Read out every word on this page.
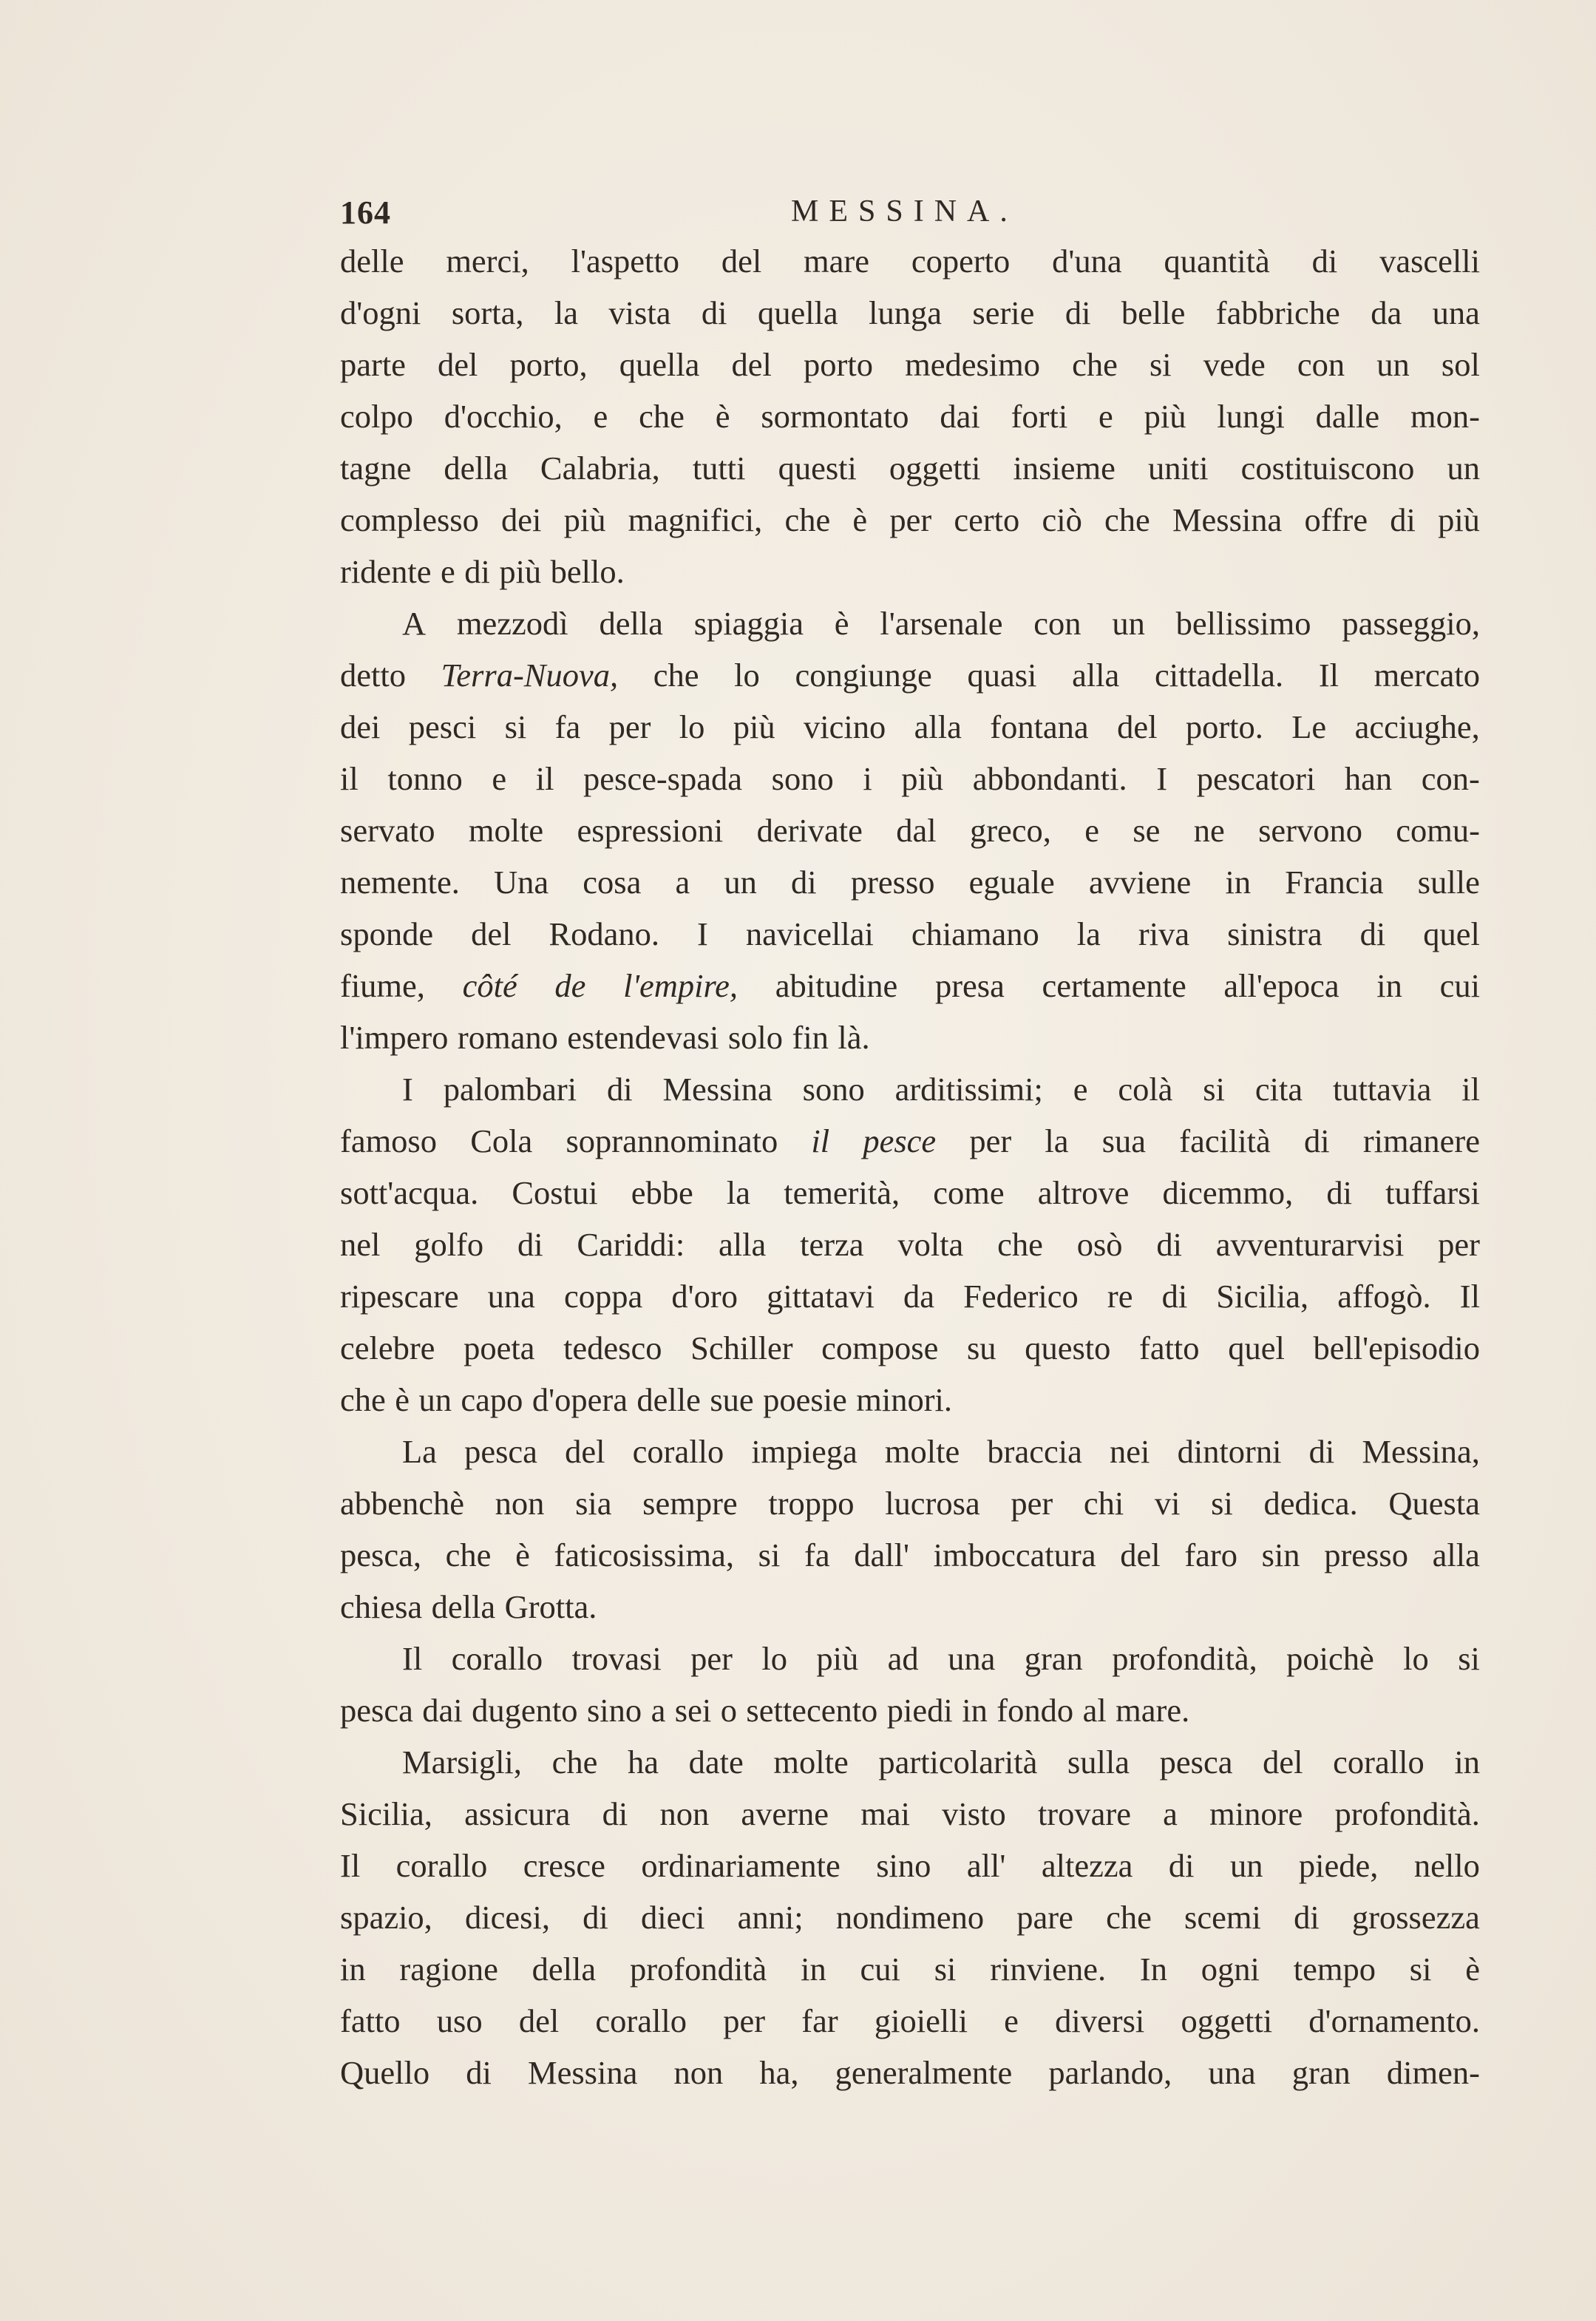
164	MESSINA.
delle merci, l'aspetto del mare coperto d'una quantità di vascelli
d'ogni sorta, la vista di quella lunga serie di belle fabbriche da una
parte del porto, quella del porto medesimo che si vede con un sol
colpo d'occhio, e che è sormontato dai forti e più lungi dalle mon-
tagne della Calabria, tutti questi oggetti insieme uniti costituiscono un
complesso dei più magnifici, che è per certo ciò che Messina offre di più
ridente e di più bello.
A mezzodì della spiaggia è l'arsenale con un bellissimo passeggio,
detto Terra-Nuova, che lo congiunge quasi alla cittadella. Il mercato
dei pesci si fa per lo più vicino alla fontana del porto. Le acciughe,
il tonno e il pesce-spada sono i più abbondanti. I pescatori han con-
servato molte espressioni derivate dal greco, e se ne servono comu-
nemente. Una cosa a un di presso eguale avviene in Francia sulle
sponde del Rodano. I navicellai chiamano la riva sinistra di quel
fiume, côté de l'empire, abitudine presa certamente all'epoca in cui
l'impero romano estendevasi solo fin là.
I palombari di Messina sono arditissimi; e colà si cita tuttavia il
famoso Cola soprannominato il pesce per la sua facilità di rimanere
sott'acqua. Costui ebbe la temerità, come altrove dicemmo, di tuffarsi
nel golfo di Cariddi: alla terza volta che osò di avventurarvisi per
ripescare una coppa d'oro gittatavi da Federico re di Sicilia, affogò. Il
celebre poeta tedesco Schiller compose su questo fatto quel bell'episodio
che è un capo d'opera delle sue poesie minori.
La pesca del corallo impiega molte braccia nei dintorni di Messina,
abbenchè non sia sempre troppo lucrosa per chi vi si dedica. Questa
pesca, che è faticosissima, si fa dall' imboccatura del faro sin presso alla
chiesa della Grotta.
Il corallo trovasi per lo più ad una gran profondità, poichè lo si
pesca dai dugento sino a sei o settecento piedi in fondo al mare.
Marsigli, che ha date molte particolarità sulla pesca del corallo in
Sicilia, assicura di non averne mai visto trovare a minore profondità.
Il corallo cresce ordinariamente sino all' altezza di un piede, nello
spazio, dicesi, di dieci anni; nondimeno pare che scemi di grossezza
in ragione della profondità in cui si rinviene. In ogni tempo si è
fatto uso del corallo per far gioielli e diversi oggetti d'ornamento.
Quello di Messina non ha, generalmente parlando, una gran dimen-
